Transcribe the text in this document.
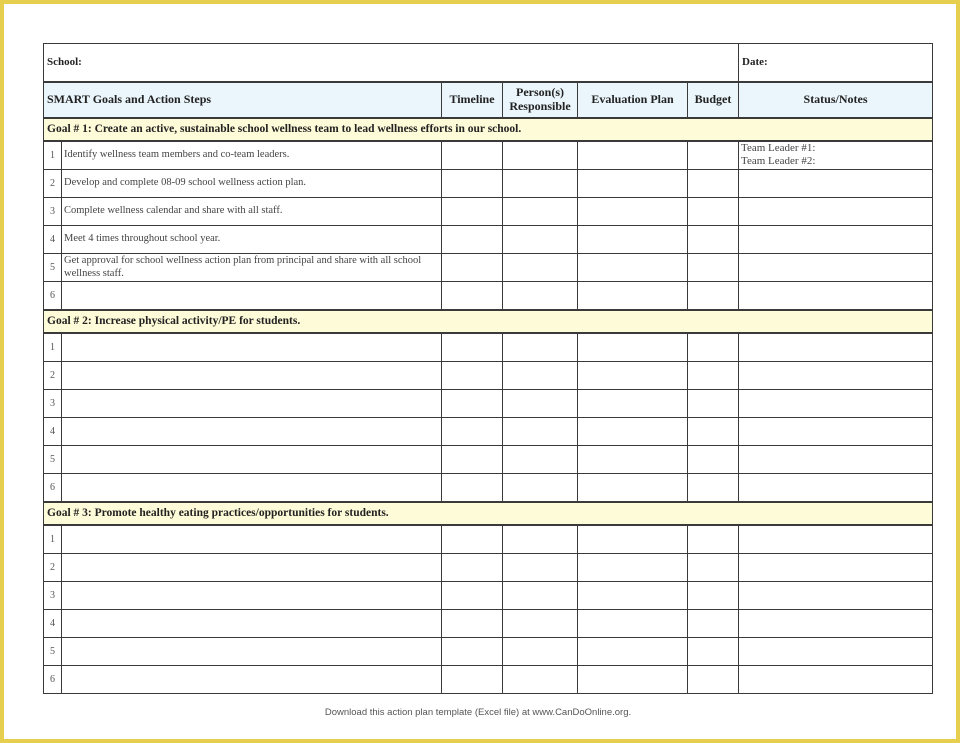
School:						Date:
SMART Goals and Action Steps		Timeline	Person(s)
Responsible	Evaluation Plan	Budget	Status/Notes
Goal # 1: Create an active, sustainable school wellness team to lead wellness efforts in our school.						
1	Identify wellness team members and co-team leaders.					Team Leader #1:
Team Leader #2:

2	Develop and complete 08-09 school wellness action plan.					

3	Complete wellness calendar and share with all staff.					

4	Meet 4 times throughout school year.					

5	Get approval for school wellness action plan from principal and share with all school wellness staff.					

6						

Goal # 2: Increase physical activity/PE for students.						
1						

2						

3						

4						

5						

6						

Goal # 3: Promote healthy eating practices/opportunities for students.						
1						

2						

3						

4						

5						

6						
Download this action plan template (Excel file) at www.CanDoOnline.org.
